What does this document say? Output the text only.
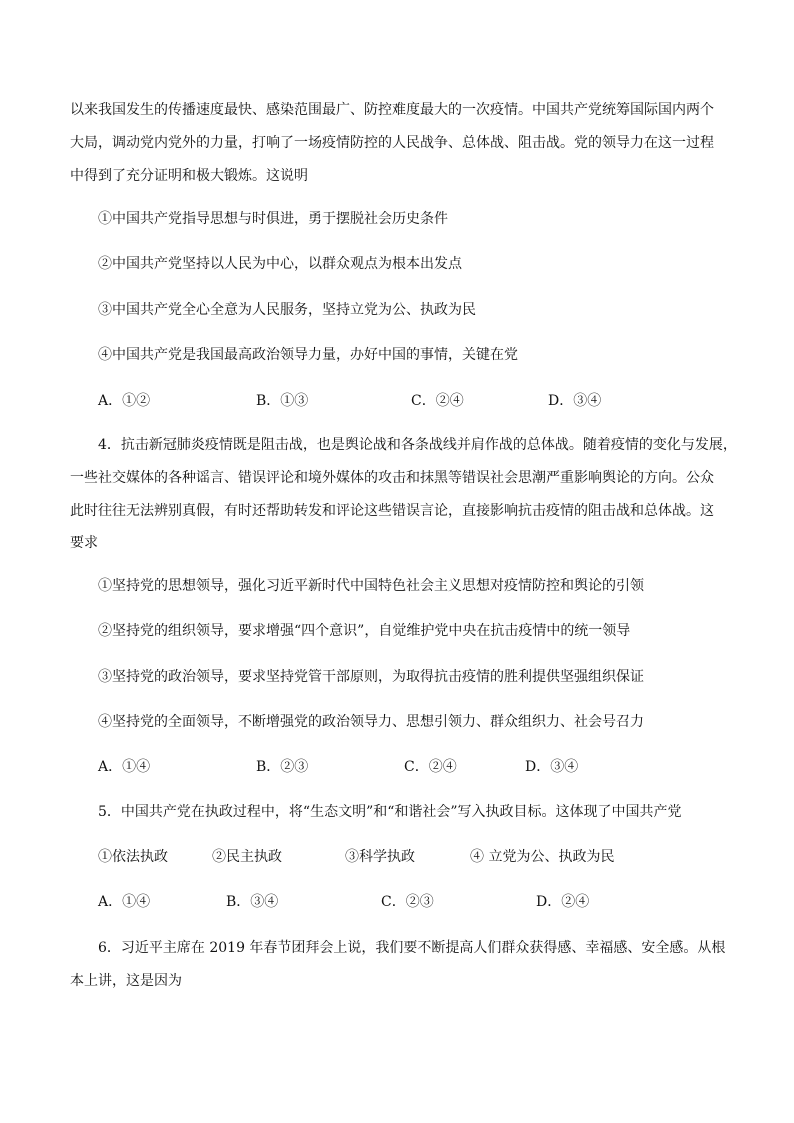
以来我国发生的传播速度最快、感染范围最广、防控难度最大的一次疫情。中国共产党统筹国际国内两个
大局，调动党内党外的力量，打响了一场疫情防控的人民战争、总体战、阻击战。党的领导力在这一过程
中得到了充分证明和极大锻炼。这说明
①中国共产党指导思想与时俱进，勇于摆脱社会历史条件
②中国共产党坚持以人民为中心，以群众观点为根本出发点
③中国共产党全心全意为人民服务，坚持立党为公、执政为民
④中国共产党是我国最高政治领导力量，办好中国的事情，关键在党
A．①②	B．①③	C．②④	D．③④
4．抗击新冠肺炎疫情既是阻击战，也是舆论战和各条战线并肩作战的总体战。随着疫情的变化与发展，
一些社交媒体的各种谣言、错误评论和境外媒体的攻击和抹黑等错误社会思潮严重影响舆论的方向。公众
此时往往无法辨别真假，有时还帮助转发和评论这些错误言论，直接影响抗击疫情的阻击战和总体战。这
要求
①坚持党的思想领导，强化习近平新时代中国特色社会主义思想对疫情防控和舆论的引领
②坚持党的组织领导，要求增强“四个意识”，自觉维护党中央在抗击疫情中的统一领导
③坚持党的政治领导，要求坚持党管干部原则，为取得抗击疫情的胜利提供坚强组织保证
④坚持党的全面领导，不断增强党的政治领导力、思想引领力、群众组织力、社会号召力
A．①④	B．②③	C．②④	D．③④
5．中国共产党在执政过程中，将“生态文明”和“和谐社会”写入执政目标。这体现了中国共产党
①依法执政	②民主执政	③科学执政	④ 立党为公、执政为民
A．①④	B．③④	C．②③	D．②④
6．习近平主席在 2019 年春节团拜会上说，我们要不断提高人们群众获得感、幸福感、安全感。从根
本上讲，这是因为
